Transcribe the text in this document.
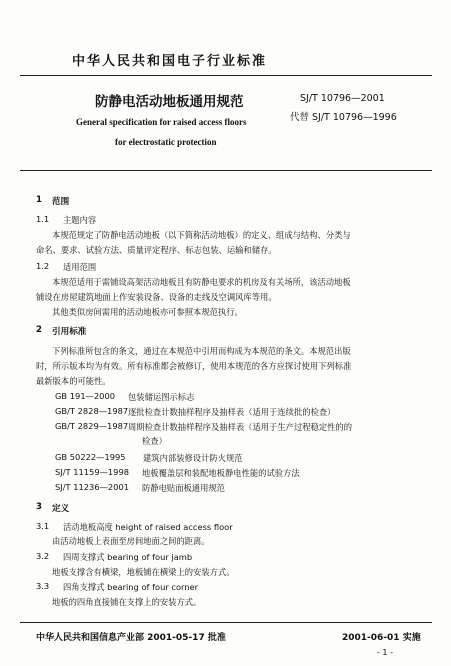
中华人民共和国电子行业标准
防静电活动地板通用规范	SJ/T 10796—2001
代替 SJ/T 10796—1996
General specification for raised access floors
for electrostatic protection
1 范围
1.1 主题内容
本规范规定了防静电活动地板（以下简称活动地板）的定义、组成与结构、分类与
命名、要求、试验方法、质量评定程序、标志包装、运输和储存。
1.2 适用范围
本规范适用于需铺设高架活动地板且有防静电要求的机房及有关场所，该活动地板
铺设在房屋建筑地面上作安装设备、设备的走线及空调风库等用。
其他类似房间需用的活动地板亦可参照本规范执行。
2 引用标准
下列标准所包含的条文，通过在本规范中引用而构成为本规范的条文。本规范出版
时，所示版本均为有效。所有标准都会被修订，使用本规范的各方应探讨使用下列标准
最新版本的可能性。
GB 191—2000 包装储运图示标志
GB/T 2828—1987 逐批检查计数抽样程序及抽样表（适用于连续批的检查）
GB/T 2829—1987 周期检查计数抽样程序及抽样表（适用于生产过程稳定性的的
检查）
GB 50222—1995 建筑内部装修设计防火规范
SJ/T 11159—1998 地板覆盖层和装配地板静电性能的试验方法
SJ/T 11236—2001 防静电贴面板通用规范
3 定义
3.1 活动地板高度 height of raised access floor
由活动地板上表面至房间地面之间的距离。
3.2 四周支撑式 bearing of four jamb
地板支撑含有横梁，地板铺在横梁上的安装方式。
3.3 四角支撑式 bearing of four corner
地板的四角直接铺在支撑上的安装方式。
中华人民共和国信息产业部 2001-05-17 批准	2001-06-01 实施
- 1 -
